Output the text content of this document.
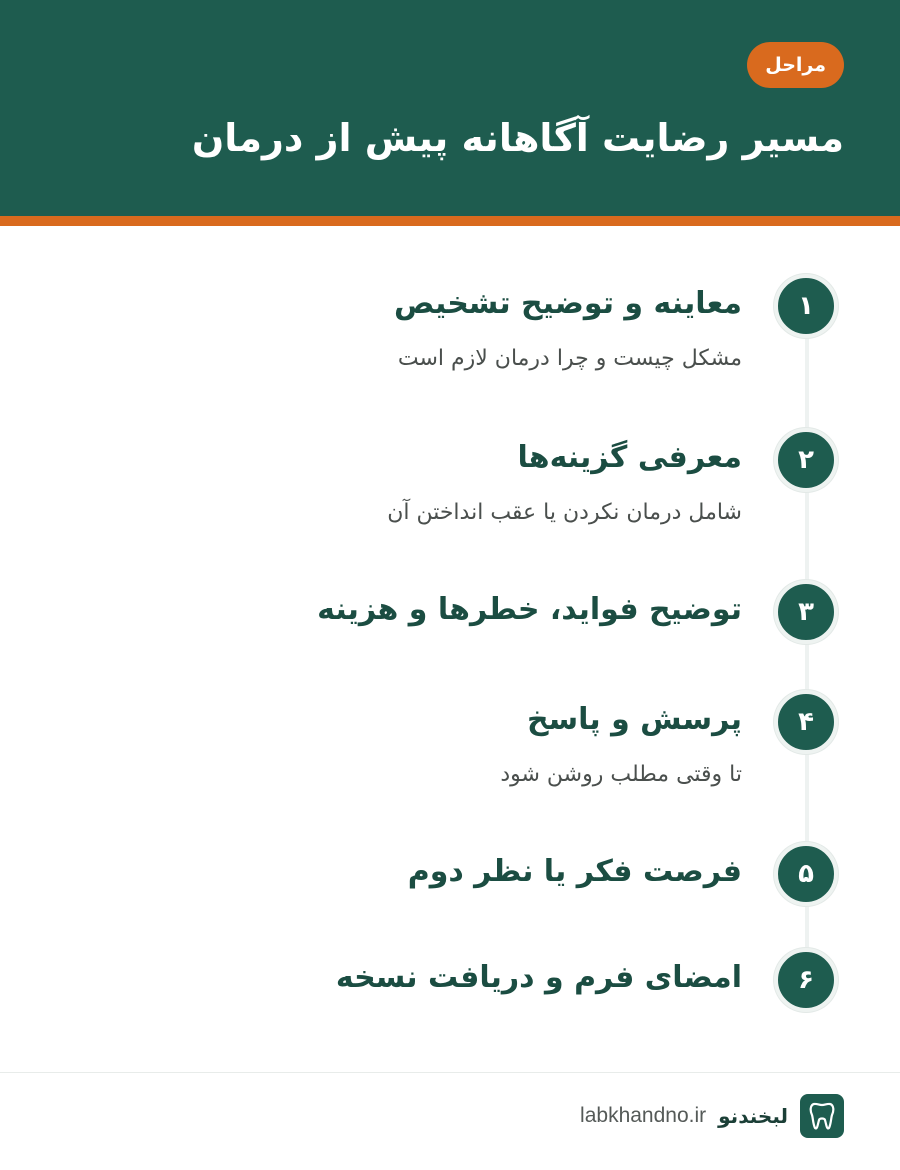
مراحل
مسیر رضایت آگاهانه پیش از درمان
۱
معاینه و توضیح تشخیص
مشکل چیست و چرا درمان لازم است
۲
معرفی گزینه‌ها
شامل درمان نکردن یا عقب انداختن آن
۳
توضیح فواید، خطرها و هزینه
۴
پرسش و پاسخ
تا وقتی مطلب روشن شود
۵
فرصت فکر یا نظر دوم
۶
امضای فرم و دریافت نسخه
لبخندنو
labkhandno.ir
